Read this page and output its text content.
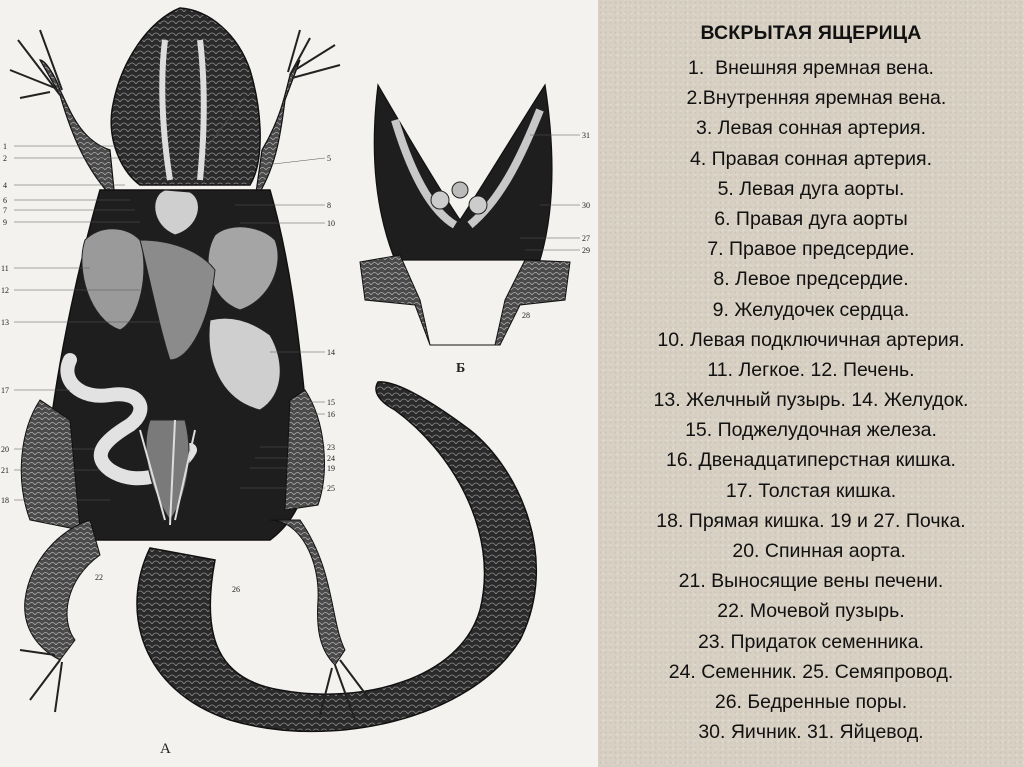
1
2
4
6
7
9
11
12
13
17
20
21
18
3
5
8
10
14
15
16
23
24
19
25
22
26
31
30
27
29
28
А
Б
ВСКРЫТАЯ ЯЩЕРИЦА
1.  Внешняя яремная вена.
2.Внутренняя яремная вена.
3. Левая сонная артерия.
4. Правая сонная артерия.
5. Левая дуга аорты.
6. Правая дуга аорты
7. Правое предсердие.
8. Левое предсердие.
9. Желудочек сердца.
10. Левая подключичная артерия.
11. Легкое. 12. Печень.
13. Желчный пузырь. 14. Желудок.
15. Поджелудочная железа.
16. Двенадцатиперстная кишка.
17. Толстая кишка.
18. Прямая кишка. 19 и 27. Почка.
20. Спинная аорта.
21. Выносящие вены печени.
22. Мочевой пузырь.
23. Придаток семенника.
24. Семенник. 25. Семяпровод.
26. Бедренные поры.
30. Яичник. 31. Яйцевод.
